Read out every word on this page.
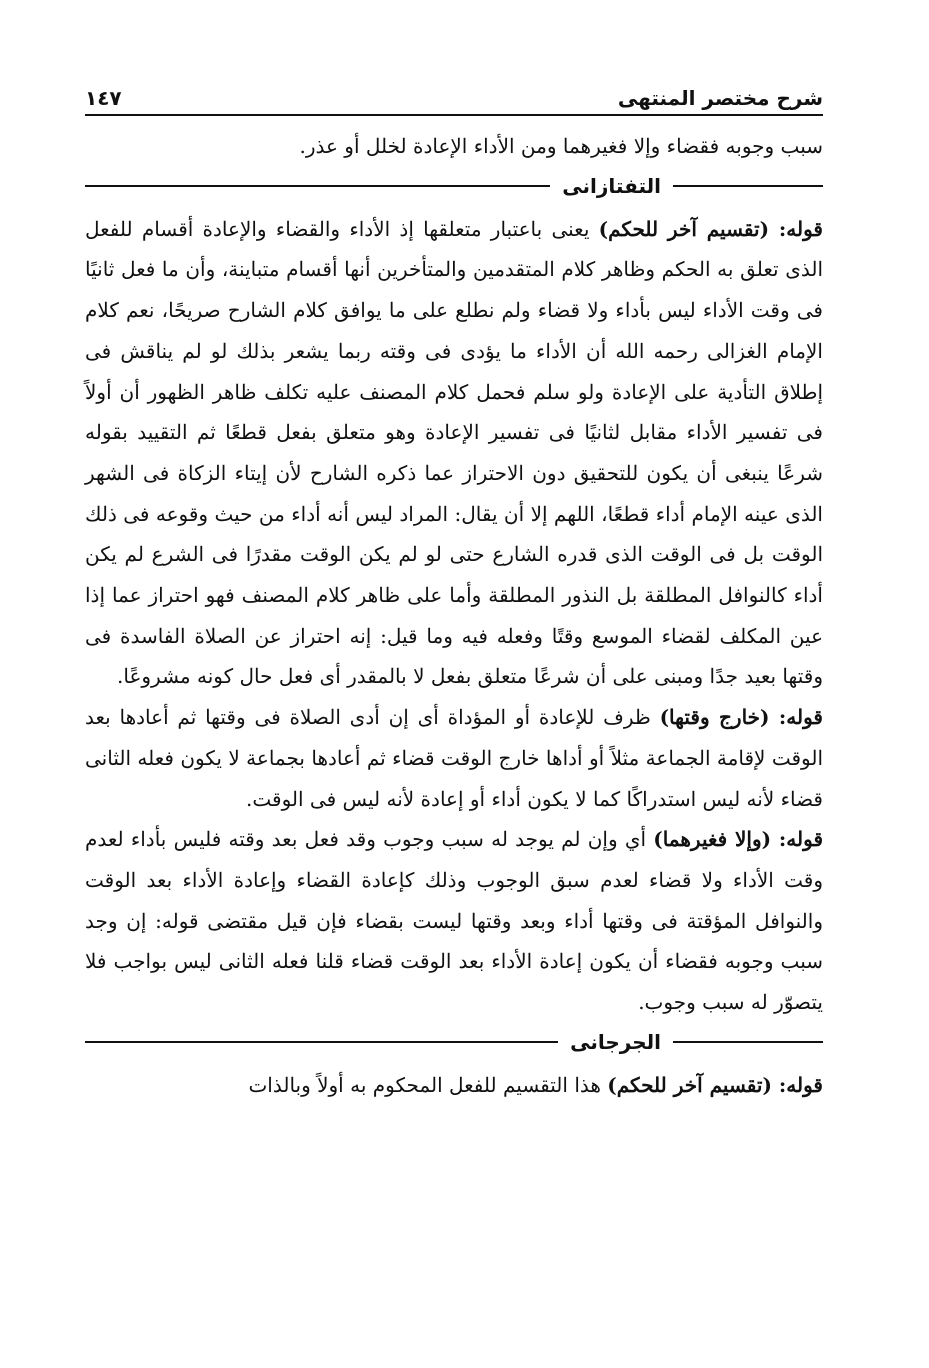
شرح مختصر المنتهى
١٤٧

سبب وجوبه فقضاء وإلا فغيرهما ومن الأداء الإعادة لخلل أو عذر.

التفتازانى

قوله: (تقسيم آخر للحكم) يعنى باعتبار متعلقها إذ الأداء والقضاء والإعادة أقسام للفعل الذى تعلق به الحكم وظاهر كلام المتقدمين والمتأخرين أنها أقسام متباينة، وأن ما فعل ثانيًا فى وقت الأداء ليس بأداء ولا قضاء ولم نطلع على ما يوافق كلام الشارح صريحًا، نعم كلام الإمام الغزالى رحمه الله أن الأداء ما يؤدى فى وقته ربما يشعر بذلك لو لم يناقش فى إطلاق التأدية على الإعادة ولو سلم فحمل كلام المصنف عليه تكلف ظاهر الظهور أن أولاً فى تفسير الأداء مقابل لثانيًا فى تفسير الإعادة وهو متعلق بفعل قطعًا ثم التقييد بقوله شرعًا ينبغى أن يكون للتحقيق دون الاحتراز عما ذكره الشارح لأن إيتاء الزكاة فى الشهر الذى عينه الإمام أداء قطعًا، اللهم إلا أن يقال: المراد ليس أنه أداء من حيث وقوعه فى ذلك الوقت بل فى الوقت الذى قدره الشارع حتى لو لم يكن الوقت مقدرًا فى الشرع لم يكن أداء كالنوافل المطلقة بل النذور المطلقة وأما على ظاهر كلام المصنف فهو احتراز عما إذا عين المكلف لقضاء الموسع وقتًا وفعله فيه وما قيل: إنه احتراز عن الصلاة الفاسدة فى وقتها بعيد جدًا ومبنى على أن شرعًا متعلق بفعل لا بالمقدر أى فعل حال كونه مشروعًا.

قوله: (خارج وقتها) ظرف للإعادة أو المؤداة أى إن أدى الصلاة فى وقتها ثم أعادها بعد الوقت لإقامة الجماعة مثلاً أو أداها خارج الوقت قضاء ثم أعادها بجماعة لا يكون فعله الثانى قضاء لأنه ليس استدراكًا كما لا يكون أداء أو إعادة لأنه ليس فى الوقت.

قوله: (وإلا فغيرهما) أي وإن لم يوجد له سبب وجوب وقد فعل بعد وقته فليس بأداء لعدم وقت الأداء ولا قضاء لعدم سبق الوجوب وذلك كإعادة القضاء وإعادة الأداء بعد الوقت والنوافل المؤقتة فى وقتها أداء وبعد وقتها ليست بقضاء فإن قيل مقتضى قوله: إن وجد سبب وجوبه فقضاء أن يكون إعادة الأداء بعد الوقت قضاء قلنا فعله الثانى ليس بواجب فلا يتصوّر له سبب وجوب.

الجرجانى

قوله: (تقسيم آخر للحكم) هذا التقسيم للفعل المحكوم به أولاً وبالذات
